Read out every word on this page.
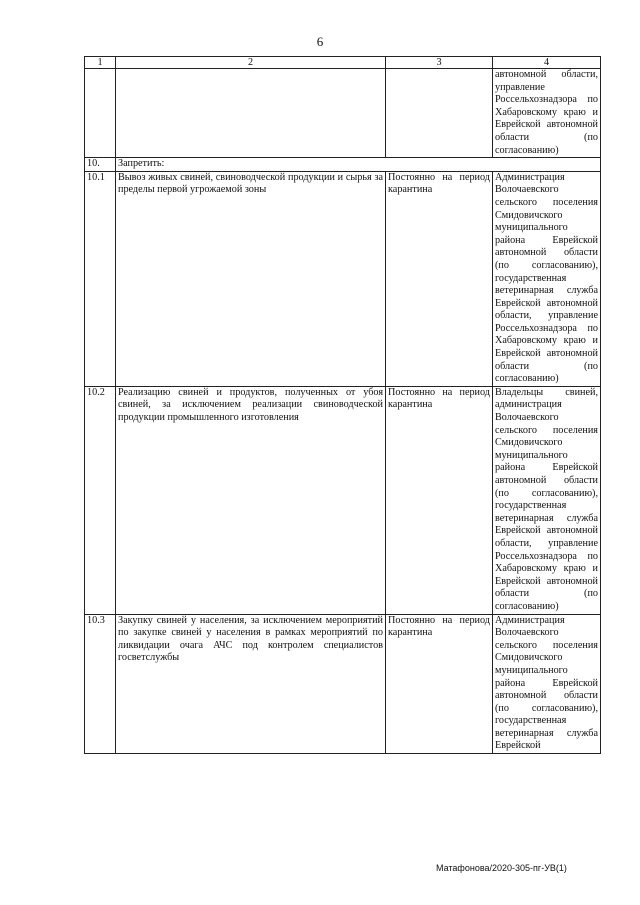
6
1	2	3	4
			автономной области, управление Россельхознадзора по Хабаровскому краю и Еврейской автономной области (по согласованию)
10.	Запретить:		
10.1	Вывоз живых свиней, свиноводческой продукции и сырья за пределы первой угрожаемой зоны	Постоянно на период карантина	Администрация Волочаевского сельского поселения Смидовичского муниципального района Еврейской автономной области (по согласованию), государственная ветеринарная служба Еврейской автономной области, управление Россельхознадзора по Хабаровскому краю и Еврейской автономной области (по согласованию)
10.2	Реализацию свиней и продуктов, полученных от убоя свиней, за исключением реализации свиноводческой продукции промышленного изготовления	Постоянно на период карантина	Владельцы свиней, администрация Волочаевского сельского поселения Смидовичского муниципального района Еврейской автономной области (по согласованию), государственная ветеринарная служба Еврейской автономной области, управление Россельхознадзора по Хабаровскому краю и Еврейской автономной области (по согласованию)
10.3	Закупку свиней у населения, за исключением мероприятий по закупке свиней у населения в рамках мероприятий по ликвидации очага АЧС под контролем специалистов госветслужбы	Постоянно на период карантина	Администрация Волочаевского сельского поселения Смидовичского муниципального района Еврейской автономной области (по согласованию), государственная ветеринарная служба Еврейской
Матафонова/2020-305-пг-УВ(1)
